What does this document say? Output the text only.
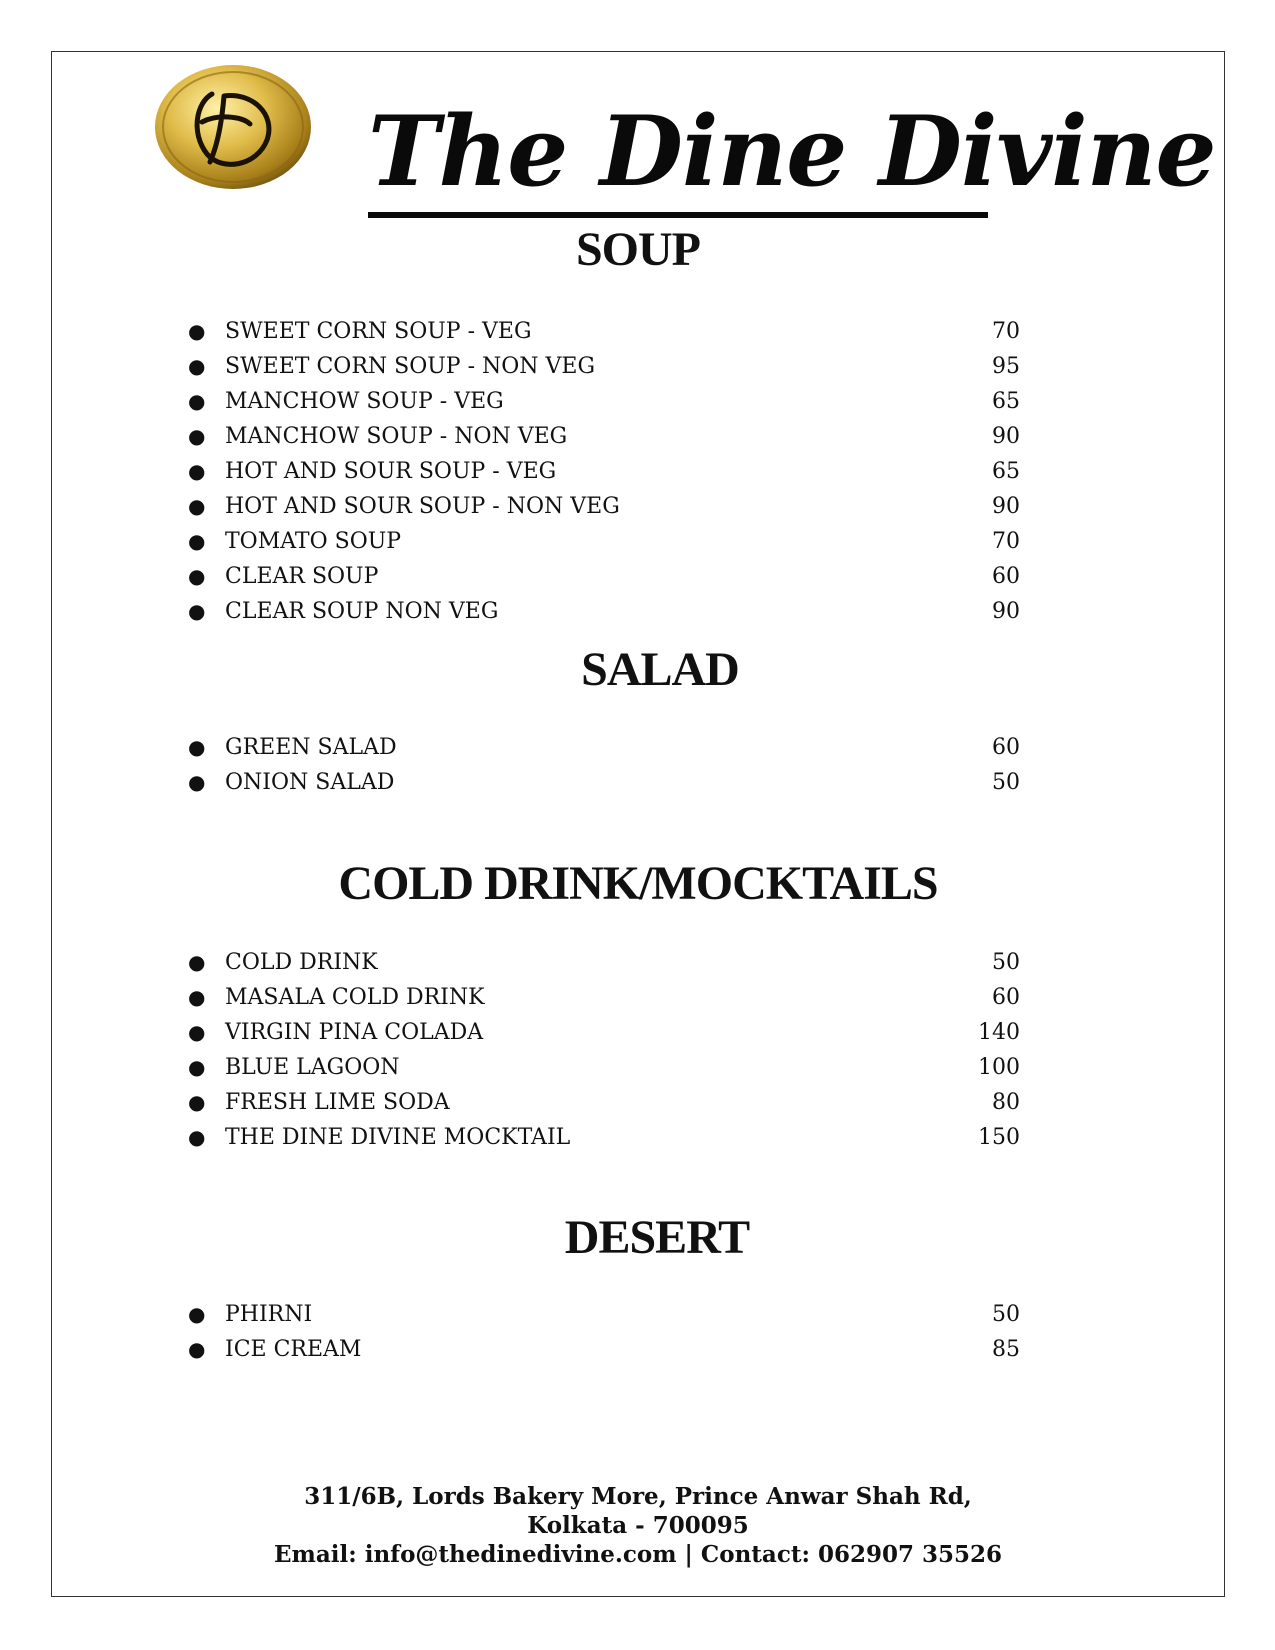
The Dine Divine
SOUP
● SWEET CORN SOUP - VEG	70
● SWEET CORN SOUP - NON VEG	95
● MANCHOW SOUP - VEG	65
● MANCHOW SOUP - NON VEG	90
● HOT AND SOUR SOUP - VEG	65
● HOT AND SOUR SOUP - NON VEG	90
● TOMATO SOUP	70
● CLEAR SOUP	60
● CLEAR SOUP NON VEG	90
SALAD
● GREEN SALAD	60
● ONION SALAD	50
COLD DRINK/MOCKTAILS
● COLD DRINK	50
● MASALA COLD DRINK	60
● VIRGIN PINA COLADA	140
● BLUE LAGOON	100
● FRESH LIME SODA	80
● THE DINE DIVINE MOCKTAIL	150
DESERT
● PHIRNI	50
● ICE CREAM	85
311/6B, Lords Bakery More, Prince Anwar Shah Rd,
Kolkata - 700095
Email: info@thedinedivine.com | Contact: 062907 35526
